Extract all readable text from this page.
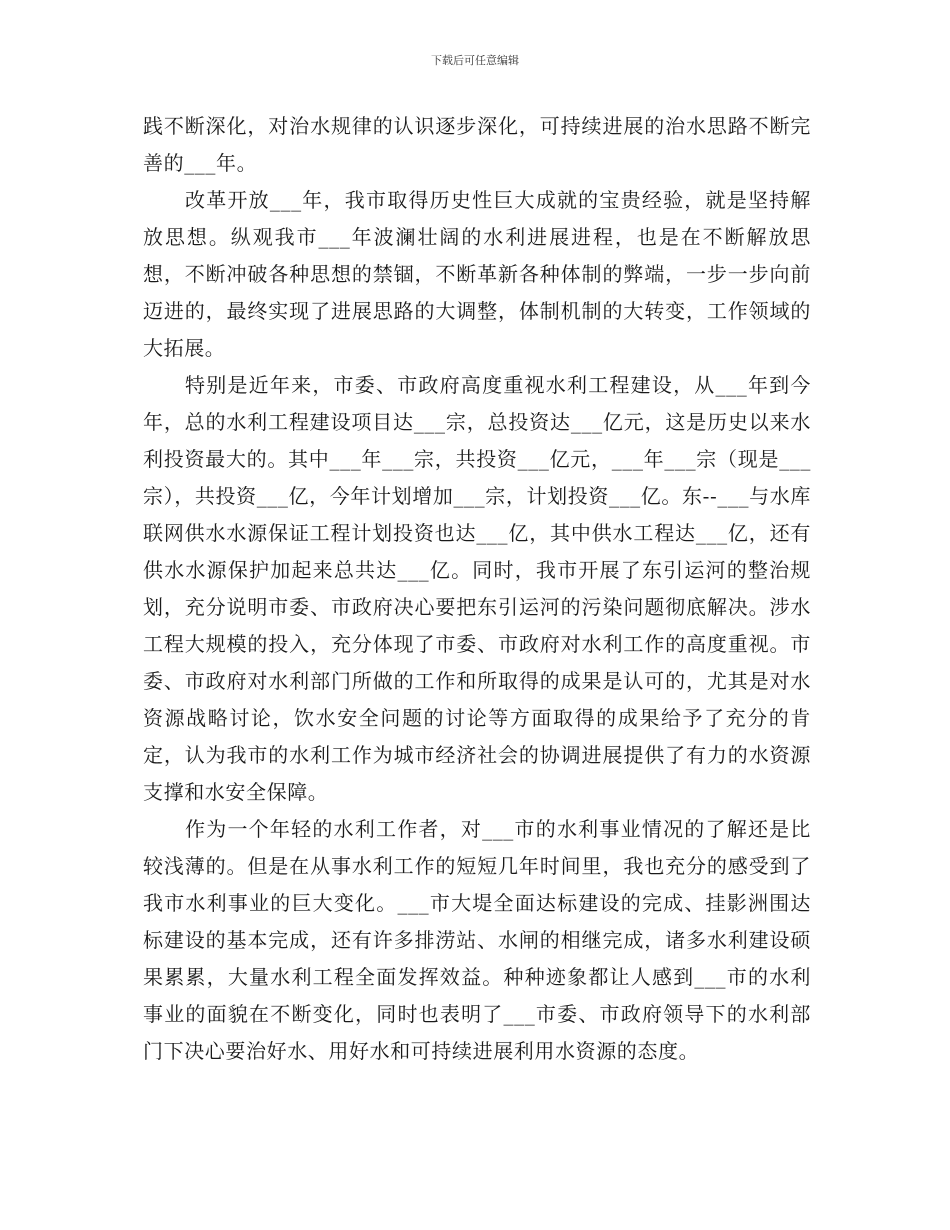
下载后可任意编辑

践不断深化，对治水规律的认识逐步深化，可持续进展的治水思路不断完善的___年。

改革开放___年，我市取得历史性巨大成就的宝贵经验，就是坚持解放思想。纵观我市___年波澜壮阔的水利进展进程，也是在不断解放思想，不断冲破各种思想的禁锢，不断革新各种体制的弊端，一步一步向前迈进的，最终实现了进展思路的大调整，体制机制的大转变，工作领域的大拓展。

特别是近年来，市委、市政府高度重视水利工程建设，从___年到今年，总的水利工程建设项目达___宗，总投资达___亿元，这是历史以来水利投资最大的。其中___年___宗，共投资___亿元，___年___宗（现是___宗），共投资___亿，今年计划增加___宗，计划投资___亿。东--___与水库联网供水水源保证工程计划投资也达___亿，其中供水工程达___亿，还有供水水源保护加起来总共达___亿。同时，我市开展了东引运河的整治规划，充分说明市委、市政府决心要把东引运河的污染问题彻底解决。涉水工程大规模的投入，充分体现了市委、市政府对水利工作的高度重视。市委、市政府对水利部门所做的工作和所取得的成果是认可的，尤其是对水资源战略讨论，饮水安全问题的讨论等方面取得的成果给予了充分的肯定，认为我市的水利工作为城市经济社会的协调进展提供了有力的水资源支撑和水安全保障。

作为一个年轻的水利工作者，对___市的水利事业情况的了解还是比较浅薄的。但是在从事水利工作的短短几年时间里，我也充分的感受到了我市水利事业的巨大变化。___市大堤全面达标建设的完成、挂影洲围达标建设的基本完成，还有许多排涝站、水闸的相继完成，诸多水利建设硕果累累，大量水利工程全面发挥效益。种种迹象都让人感到___市的水利事业的面貌在不断变化，同时也表明了___市委、市政府领导下的水利部门下决心要治好水、用好水和可持续进展利用水资源的态度。
